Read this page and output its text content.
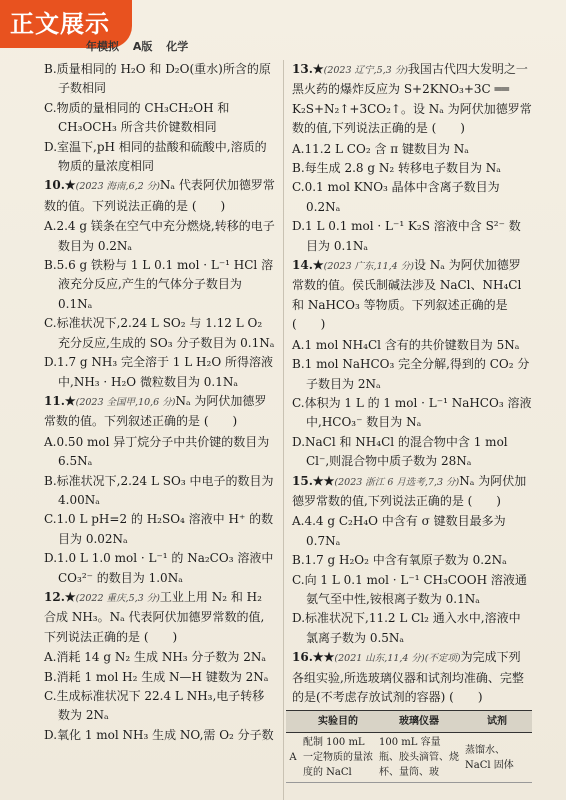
正文展示
年模拟 A版 化学
B.质量相同的 H₂O 和 D₂O(重水)所含的原子数相同
C.物质的量相同的 CH₃CH₂OH 和 CH₃OCH₃ 所含共价键数相同
D.室温下,pH 相同的盐酸和硫酸中,溶质的物质的量浓度相同
10.★(2023 海南,6,2 分)Nₐ 代表阿伏加德罗常数的值。下列说法正确的是 (　　)
A.2.4 g 镁条在空气中充分燃烧,转移的电子数目为 0.2Nₐ
B.5.6 g 铁粉与 1 L 0.1 mol · L⁻¹ HCl 溶液充分反应,产生的气体分子数目为 0.1Nₐ
C.标准状况下,2.24 L SO₂ 与 1.12 L O₂ 充分反应,生成的 SO₃ 分子数目为 0.1Nₐ
D.1.7 g NH₃ 完全溶于 1 L H₂O 所得溶液中,NH₃ · H₂O 微粒数目为 0.1Nₐ
11.★(2023 全国甲,10,6 分)Nₐ 为阿伏加德罗常数的值。下列叙述正确的是 (　　)
A.0.50 mol 异丁烷分子中共价键的数目为 6.5Nₐ
B.标准状况下,2.24 L SO₃ 中电子的数目为 4.00Nₐ
C.1.0 L pH=2 的 H₂SO₄ 溶液中 H⁺ 的数目为 0.02Nₐ
D.1.0 L 1.0 mol · L⁻¹ 的 Na₂CO₃ 溶液中 CO₃²⁻ 的数目为 1.0Nₐ
12.★(2022 重庆,5,3 分)工业上用 N₂ 和 H₂ 合成 NH₃。Nₐ 代表阿伏加德罗常数的值,下列说法正确的是 (　　)
A.消耗 14 g N₂ 生成 NH₃ 分子数为 2Nₐ
B.消耗 1 mol H₂ 生成 N—H 键数为 2Nₐ
C.生成标准状况下 22.4 L NH₃,电子转移数为 2Nₐ
D.氧化 1 mol NH₃ 生成 NO,需 O₂ 分子数
13.★(2023 辽宁,5,3 分)我国古代四大发明之一黑火药的爆炸反应为 S+2KNO₃+3C ══ K₂S+N₂↑+3CO₂↑。设 Nₐ 为阿伏加德罗常数的值,下列说法正确的是 (　　)
A.11.2 L CO₂ 含 π 键数目为 Nₐ
B.每生成 2.8 g N₂ 转移电子数目为 Nₐ
C.0.1 mol KNO₃ 晶体中含离子数目为 0.2Nₐ
D.1 L 0.1 mol · L⁻¹ K₂S 溶液中含 S²⁻ 数目为 0.1Nₐ
14.★(2023 广东,11,4 分)设 Nₐ 为阿伏加德罗常数的值。侯氏制碱法涉及 NaCl、NH₄Cl 和 NaHCO₃ 等物质。下列叙述正确的是 (　　)
A.1 mol NH₄Cl 含有的共价键数目为 5Nₐ
B.1 mol NaHCO₃ 完全分解,得到的 CO₂ 分子数目为 2Nₐ
C.体积为 1 L 的 1 mol · L⁻¹ NaHCO₃ 溶液中,HCO₃⁻ 数目为 Nₐ
D.NaCl 和 NH₄Cl 的混合物中含 1 mol Cl⁻,则混合物中质子数为 28Nₐ
15.★★(2023 浙江 6 月选考,7,3 分)Nₐ 为阿伏加德罗常数的值,下列说法正确的是 (　　)
A.4.4 g C₂H₄O 中含有 σ 键数目最多为 0.7Nₐ
B.1.7 g H₂O₂ 中含有氧原子数为 0.2Nₐ
C.向 1 L 0.1 mol · L⁻¹ CH₃COOH 溶液通氨气至中性,铵根离子数为 0.1Nₐ
D.标准状况下,11.2 L Cl₂ 通入水中,溶液中氯离子数为 0.5Nₐ
16.★★(2021 山东,11,4 分)(不定项)为完成下列各组实验,所选玻璃仪器和试剂均准确、完整的是(不考虑存放试剂的容器) (　　)
	实验目的	玻璃仪器	试剂
A	配制 100 mL 一定物质的量浓度的 NaCl	100 mL 容量瓶、胶头滴管、烧杯、量筒、玻	蒸馏水、NaCl 固体
